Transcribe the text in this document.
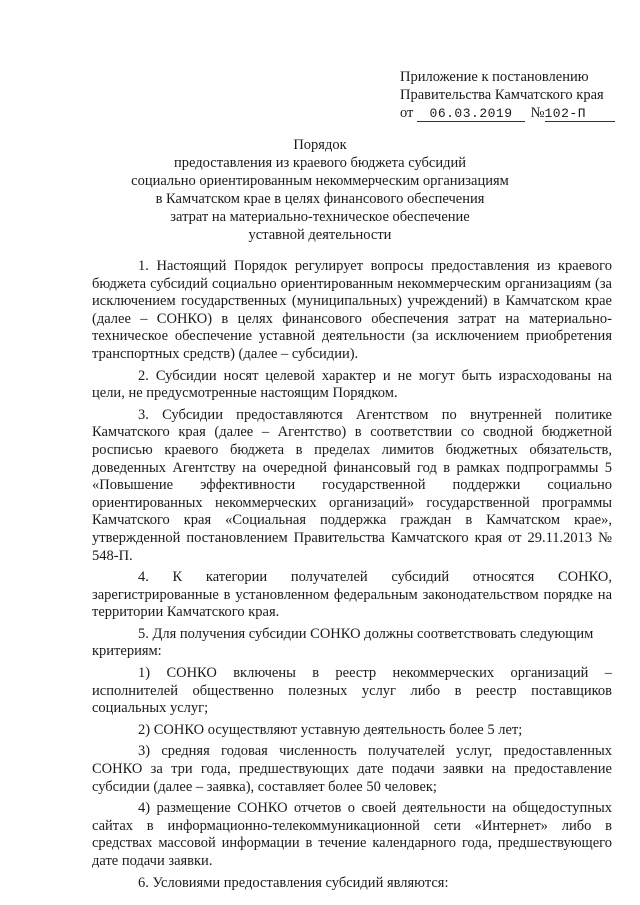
Приложение к постановлению
Правительства Камчатского края
от 06.03.2019 №102-П
Порядок
предоставления из краевого бюджета субсидий
социально ориентированным некоммерческим организациям
в Камчатском крае в целях финансового обеспечения
затрат на материально-техническое обеспечение
уставной деятельности

1. Настоящий Порядок регулирует вопросы предоставления из краевого бюджета субсидий социально ориентированным некоммерческим организациям (за исключением государственных (муниципальных) учреждений) в Камчатском крае (далее – СОНКО) в целях финансового обеспечения затрат на материально-техническое обеспечение уставной деятельности (за исключением приобретения транспортных средств) (далее – субсидии).

2. Субсидии носят целевой характер и не могут быть израсходованы на цели, не предусмотренные настоящим Порядком.

3. Субсидии предоставляются Агентством по внутренней политике Камчатского края (далее – Агентство) в соответствии со сводной бюджетной росписью краевого бюджета в пределах лимитов бюджетных обязательств, доведенных Агентству на очередной финансовый год в рамках подпрограммы 5 «Повышение эффективности государственной поддержки социально ориентированных некоммерческих организаций» государственной программы Камчатского края «Социальная поддержка граждан в Камчатском крае», утвержденной постановлением Правительства Камчатского края от 29.11.2013 № 548-П.

4. К категории получателей субсидий относятся СОНКО, зарегистрированные в установленном федеральным законодательством порядке на территории Камчатского края.

5. Для получения субсидии СОНКО должны соответствовать следующим

критериям:

1) СОНКО включены в реестр некоммерческих организаций – исполнителей общественно полезных услуг либо в реестр поставщиков социальных услуг;

2) СОНКО осуществляют уставную деятельность более 5 лет;

3) средняя годовая численность получателей услуг, предоставленных СОНКО за три года, предшествующих дате подачи заявки на предоставление субсидии (далее – заявка), составляет более 50 человек;

4) размещение СОНКО отчетов о своей деятельности на общедоступных сайтах в информационно-телекоммуникационной сети «Интернет» либо в средствах массовой информации в течение календарного года, предшествующего дате подачи заявки.

6. Условиями предоставления субсидий являются:
